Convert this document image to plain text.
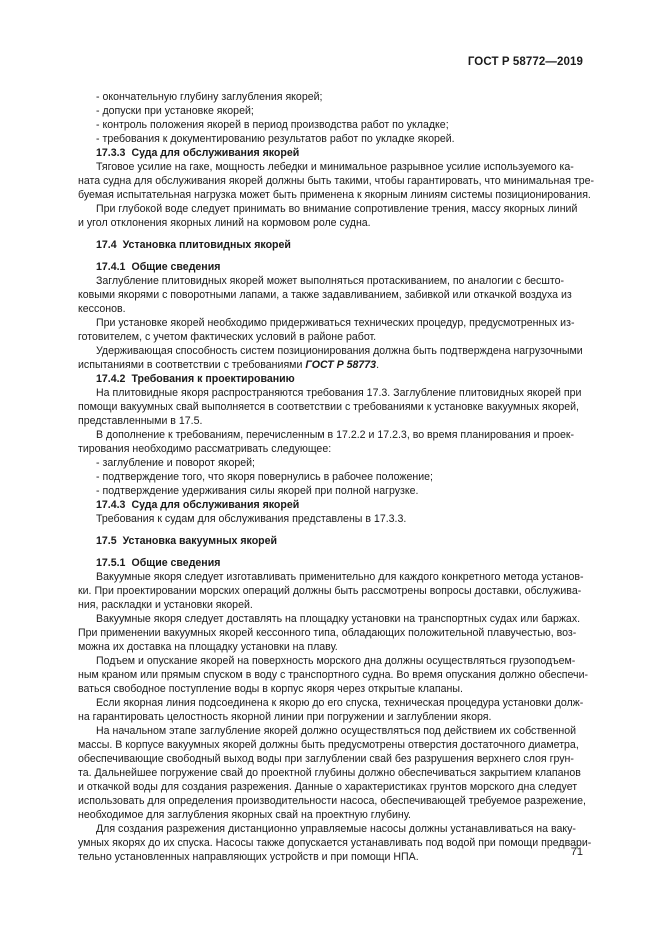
ГОСТ Р 58772—2019
- окончательную глубину заглубления якорей;
- допуски при установке якорей;
- контроль положения якорей в период производства работ по укладке;
- требования к документированию результатов работ по укладке якорей.
17.3.3 Суда для обслуживания якорей
Тяговое усилие на гаке, мощность лебедки и минимальное разрывное усилие используемого ка-
ната судна для обслуживания якорей должны быть такими, чтобы гарантировать, что минимальная тре-
буемая испытательная нагрузка может быть применена к якорным линиям системы позиционирования.
При глубокой воде следует принимать во внимание сопротивление трения, массу якорных линий
и угол отклонения якорных линий на кормовом роле судна.
17.4 Установка плитовидных якорей
17.4.1 Общие сведения
Заглубление плитовидных якорей может выполняться протаскиванием, по аналогии с бесшто-
ковыми якорями с поворотными лапами, а также задавливанием, забивкой или откачкой воздуха из
кессонов.
При установке якорей необходимо придерживаться технических процедур, предусмотренных из-
готовителем, с учетом фактических условий в районе работ.
Удерживающая способность систем позиционирования должна быть подтверждена нагрузочными
испытаниями в соответствии с требованиями ГОСТ Р 58773.
17.4.2 Требования к проектированию
На плитовидные якоря распространяются требования 17.3. Заглубление плитовидных якорей при
помощи вакуумных свай выполняется в соответствии с требованиями к установке вакуумных якорей,
представленными в 17.5.
В дополнение к требованиям, перечисленным в 17.2.2 и 17.2.3, во время планирования и проек-
тирования необходимо рассматривать следующее:
- заглубление и поворот якорей;
- подтверждение того, что якоря повернулись в рабочее положение;
- подтверждение удерживания силы якорей при полной нагрузке.
17.4.3 Суда для обслуживания якорей
Требования к судам для обслуживания представлены в 17.3.3.
17.5 Установка вакуумных якорей
17.5.1 Общие сведения
Вакуумные якоря следует изготавливать применительно для каждого конкретного метода установ-
ки. При проектировании морских операций должны быть рассмотрены вопросы доставки, обслужива-
ния, раскладки и установки якорей.
Вакуумные якоря следует доставлять на площадку установки на транспортных судах или баржах.
При применении вакуумных якорей кессонного типа, обладающих положительной плавучестью, воз-
можна их доставка на площадку установки на плаву.
Подъем и опускание якорей на поверхность морского дна должны осуществляться грузоподъем-
ным краном или прямым спуском в воду с транспортного судна. Во время опускания должно обеспечи-
ваться свободное поступление воды в корпус якоря через открытые клапаны.
Если якорная линия подсоединена к якорю до его спуска, техническая процедура установки долж-
на гарантировать целостность якорной линии при погружении и заглублении якоря.
На начальном этапе заглубление якорей должно осуществляться под действием их собственной
массы. В корпусе вакуумных якорей должны быть предусмотрены отверстия достаточного диаметра,
обеспечивающие свободный выход воды при заглублении свай без разрушения верхнего слоя грун-
та. Дальнейшее погружение свай до проектной глубины должно обеспечиваться закрытием клапанов
и откачкой воды для создания разрежения. Данные о характеристиках грунтов морского дна следует
использовать для определения производительности насоса, обеспечивающей требуемое разрежение,
необходимое для заглубления якорных свай на проектную глубину.
Для создания разрежения дистанционно управляемые насосы должны устанавливаться на ваку-
умных якорях до их спуска. Насосы также допускается устанавливать под водой при помощи предвари-
тельно установленных направляющих устройств и при помощи НПА.	71
